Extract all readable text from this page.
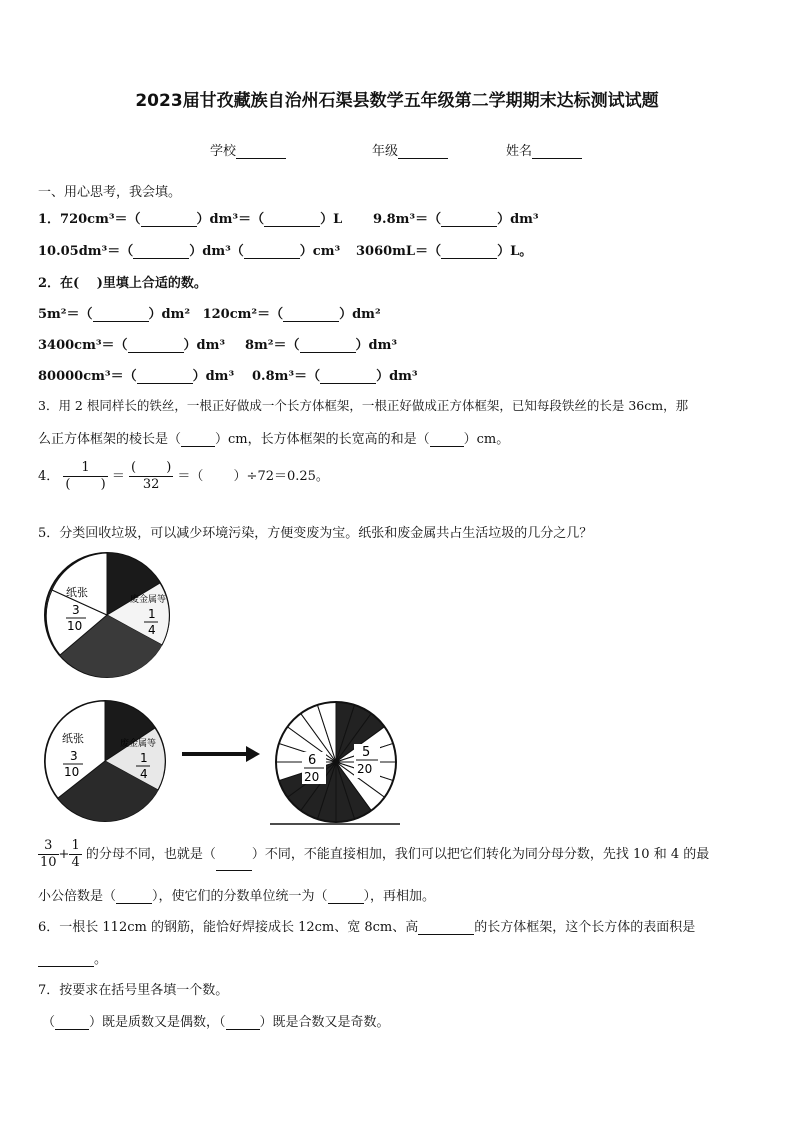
2023届甘孜藏族自治州石渠县数学五年级第二学期期末达标测试试题
学校	年级	姓名
一、用心思考，我会填。
1．720cm³＝（	）dm³＝（	）L 9.8m³＝（	）dm³
10.05dm³＝（	）dm³（	）cm³ 3060mL＝（	）L。
2．在(　 )里填上合适的数。
5m²＝（	）dm² 120cm²＝（	）dm²
3400cm³＝（	）dm³ 8m²＝（	）dm³
80000cm³＝（	）dm³ 0.8m³＝（	）dm³
3．用 2 根同样长的铁丝，一根正好做成一个长方体框架，一根正好做成正方体框架，已知每段铁丝的长是 36cm，那
么正方体框架的棱长是（	）cm，长方体框架的长宽高的和是（	）cm。
4． $\frac{1}{( )} = \frac{( )}{32}$ ＝（　 　）÷72＝0.25。
5．分类回收垃圾，可以减少环境污染，方便变废为宝。纸张和废金属共占生活垃圾的几分之几？
纸张
3
10
废金属等
1
4
纸张
3
10
废金属等
1
4
6
20
5
20
$\frac{3}{10} + \frac{1}{4}$ 的分母不同，也就是（	）不同，不能直接相加，我们可以把它们转化为同分母分数，先找 10 和 4 的最
小公倍数是（	），使它们的分数单位统一为（	），再相加。
6．一根长 112cm 的钢筋，能恰好焊接成长 12cm、宽 8cm、高	的长方体框架，这个长方体的表面积是
。
7．按要求在括号里各填一个数。
（	）既是质数又是偶数，（	）既是合数又是奇数。
